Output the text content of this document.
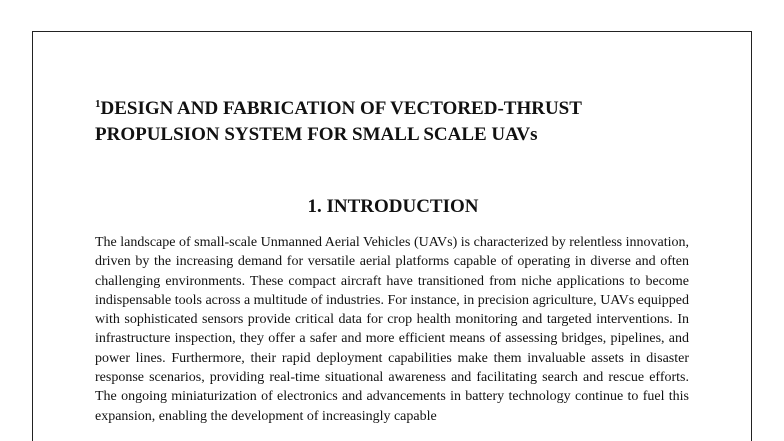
$^1$DESIGN AND FABRICATION OF VECTORED-THRUST PROPULSION SYSTEM FOR SMALL SCALE UAVs
1. INTRODUCTION

The landscape of small-scale Unmanned Aerial Vehicles (UAVs) is characterized by relentless innovation, driven by the increasing demand for versatile aerial platforms capable of operating in diverse and often challenging environments. These compact aircraft have transitioned from niche applications to become indispensable tools across a multitude of industries. For instance, in precision agriculture, UAVs equipped with sophisticated sensors provide critical data for crop health monitoring and targeted interventions. In infrastructure inspection, they offer a safer and more efficient means of assessing bridges, pipelines, and power lines. Furthermore, their rapid deployment capabilities make them invaluable assets in disaster response scenarios, providing real-time situational awareness and facilitating search and rescue efforts. The ongoing miniaturization of electronics and advancements in battery technology continue to fuel this expansion, enabling the development of increasingly capable
